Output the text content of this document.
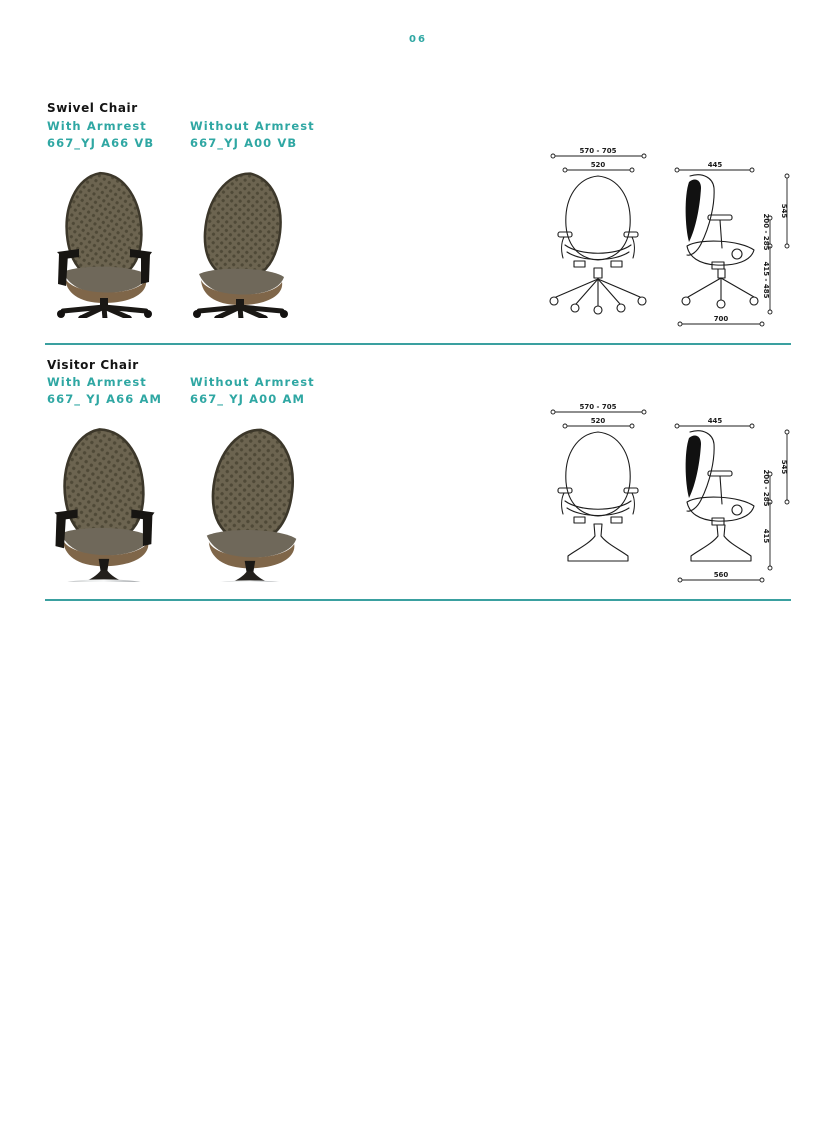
06
Swivel Chair
With Armrest
667_YJ A66 VB
Without Armrest
667_YJ A00 VB
570 - 705
520	445
700
545
200 - 285
415 - 485
Visitor Chair
With Armrest
667_ YJ A66 AM
Without Armrest
667_ YJ A00 AM
570 - 705
520	445
560
545
200 - 285
415
